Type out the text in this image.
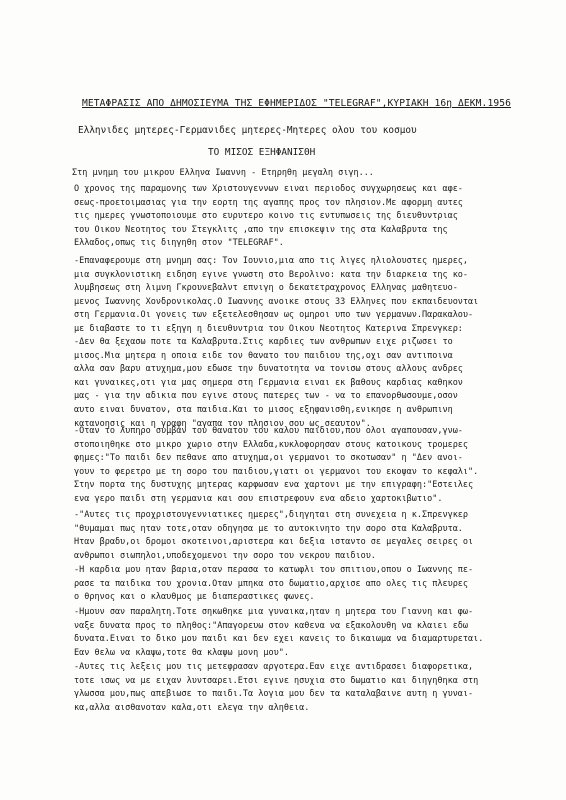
ΜΕΤΑΦΡΑΣΙΣ ΑΠΟ ΔΗΜΟΣΙΕΥΜΑ ΤΗΣ ΕΦΗΜΕΡΙΔΟΣ "TELEGRAF",ΚΥΡΙΑΚΗ 16η ΔΕΚΜ.1956
Ελληνιδες μητερες-Γερμανιδες μητερες-Μητερες ολου του κοσμου
ΤΟ ΜΙΣΟΣ ΕΞΗΦΑΝΙΣΘΗ
Στη μνημη του μικρου Ελληνα Ιωαννη - Ετηρηθη μεγαλη σιγη...
Ο χρονος της παραμονης των Χριστουγεννων ειναι περιοδος συγχωρησεως και αφε-
σεως-προετοιμασιας για την εορτη της αγαπης προς τον πλησιον.Με αφορμη αυτες
τις ημερες γνωστοποιουμε στο ευρυτερο κοινο τις εντυπωσεις της διευθυντριας
του Οικου Νεοτητος του Στεγκλιτς ,απο την επισκεψιν της στα Καλαβρυτα της
Ελλαδος,οπως τις διηγηθη στον "TELEGRAF".
-Επαναφερουμε στη μνημη σας: Τον Ιουνιο,μια απο τις λιγες ηλιολουστες ημερες,
μια συγκλονιστικη ειδηση εγινε γνωστη στο Βερολινο: κατα την διαρκεια της κο-
λυμβησεως στη λιμνη Γκρουνεβαλντ επνιγη ο δεκατετραχρονος Ελληνας μαθητευο-
μενος Ιωαννης Χονδρονικολας.Ο Ιωαννης ανοικε στους 33 Ελληνες που εκπαιδευονται
στη Γερμανια.Οι γονεις των εξετελεσθησαν ως ομηροι υπο των γερμανων.Παρακαλου-
με διαβαστε το τι εξηγη η διευθυντρια του Οικου Νεοτητος Κατερινα Σπρενγκερ:
-Δεν θα ξεχασω ποτε τα Καλαβρυτα.Στις καρδιες των ανθρωπων ειχε ριζωσει το
μισος.Μια μητερα η οποια ειδε τον θανατο του παιδιου της,οχι σαν αντιποινα
αλλα σαν βαρυ ατυχημα,μου εδωσε την δυνατοτητα να τονισω στους αλλους ανδρες
και γυναικες,οτι για μας σημερα στη Γερμανια ειναι εκ βαθους καρδιας καθηκον
μας - για την αδικια που εγινε στους πατερες των - να το επανορθωσουμε,οσον
αυτο ειναι δυνατον, στα παιδια.Και το μισος εξηφανισθη,ενικησε η ανθρωπινη
κατανοησις και η γραφη "αγαπα τον πλησιον σου ως σεαυτον".
-Οταν το λυπηρο συμβαν του θανατου του καλου παιδιου,που ολοι αγαπουσαν,γνω-
στοποιηθηκε στο μικρο χωριο στην Ελλαδα,κυκλοφορησαν στους κατοικους τρομερες
φημες:"Το παιδι δεν πεθανε απο ατυχημα,οι γερμανοι το σκοτωσαν" η "Δεν ανοι-
γουν το φερετρο με τη σορο του παιδιου,γιατι οι γερμανοι του εκοψαν το κεφαλι".
Στην πορτα της δυστυχης μητερας καρφωσαν ενα χαρτονι με την επιγραφη:"Εστειλες
ενα γερο παιδι στη γερμανια και σου επιστρεφουν ενα αδειο χαρτοκιβωτιο".
-"Αυτες τις προχριστουγεννιατικες ημερες",διηγηται στη συνεχεια η κ.Σπρενγκερ
"θυμαμαι πως ηταν τοτε,οταν οδηγησα με το αυτοκινητο την σορο στα Καλαβρυτα.
Ηταν βραδυ,οι δρομοι σκοτεινοι,αριστερα και δεξια ισταντο σε μεγαλες σειρες οι
ανθρωποι σιωπηλοι,υποδεχομενοι την σορο του νεκρου παιδιου.
-Η καρδια μου ηταν βαρια,οταν περασα το κατωφλι του σπιτιου,οπου ο Ιωαννης πε-
ρασε τα παιδικα του χρονια.Οταν μπηκα στο δωματιο,αρχισε απο ολες τις πλευρες
ο θρηνος και ο κλαυθμος με διαπεραστικες φωνες.
-Ημουν σαν παραλητη.Τοτε σηκωθηκε μια γυναικα,ηταν η μητερα του Γιαννη και φω-
ναξε δυνατα προς το πληθος:"Απαγορευω στον καθενα να εξακολουθη να κλαιει εδω
δυνατα.Ειναι το δικο μου παιδι και δεν εχει κανεις το δικαιωμα να διαμαρτυρεται.
Εαν θελω να κλαψω,τοτε θα κλαψω μονη μου".
-Αυτες τις λεξεις μου τις μετεφρασαν αργοτερα.Εαν ειχε αντιδρασει διαφορετικα,
τοτε ισως να με ειχαν λυντσαρει.Ετσι εγινε ησυχια στο δωματιο και διηγηθηκα στη
γλωσσα μου,πως απεβιωσε το παιδι.Τα λογια μου δεν τα καταλαβαινε αυτη η γυναι-
κα,αλλα αισθανοταν καλα,οτι ελεγα την αληθεια.
